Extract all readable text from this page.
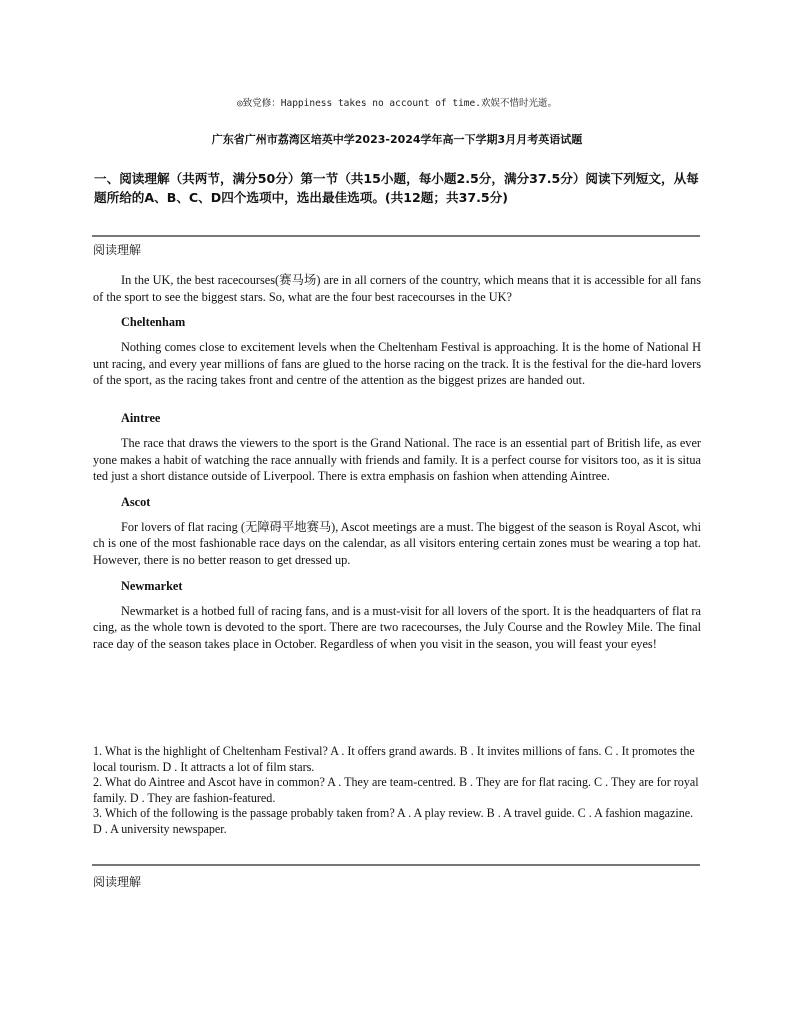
◎致党修：Happiness takes no account of time.欢娱不惜时光逝。
广东省广州市荔湾区培英中学2023-2024学年高一下学期3月月考英语试题
一、阅读理解（共两节，满分50分）第一节（共15小题，每小题2.5分，满分37.5分）阅读下列短文，从每题所给的A、B、C、D四个选项中，选出最佳选项。(共12题；共37.5分)
阅读理解

In the UK, the best racecourses(赛马场) are in all corners of the country, which means that it is accessible for all fans of the sport to see the biggest stars. So, what are the four best racecourses in the UK?

Cheltenham

Nothing comes close to excitement levels when the Cheltenham Festival is approaching. It is the home of National Hunt racing, and every year millions of fans are glued to the horse racing on the track. It is the festival for the die-hard lovers of the sport, as the racing takes front and centre of the attention as the biggest prizes are handed out.

Aintree

The race that draws the viewers to the sport is the Grand National. The race is an essential part of British life, as everyone makes a habit of watching the race annually with friends and family. It is a perfect course for visitors too, as it is situated just a short distance outside of Liverpool. There is extra emphasis on fashion when attending Aintree.

Ascot

For lovers of flat racing (无障碍平地赛马), Ascot meetings are a must. The biggest of the season is Royal Ascot, which is one of the most fashionable race days on the calendar, as all visitors entering certain zones must be wearing a top hat. However, there is no better reason to get dressed up.

Newmarket

Newmarket is a hotbed full of racing fans, and is a must-visit for all lovers of the sport. It is the headquarters of flat racing, as the whole town is devoted to the sport. There are two racecourses, the July Course and the Rowley Mile. The final race day of the season takes place in October. Regardless of when you visit in the season, you will feast your eyes!

1. What is the highlight of Cheltenham Festival? A . It offers grand awards. B . It invites millions of fans. C . It promotes the local tourism. D . It attracts a lot of film stars.

2. What do Aintree and Ascot have in common? A . They are team-centred. B . They are for flat racing. C . They are for royal family. D . They are fashion-featured.

3. Which of the following is the passage probably taken from? A . A play review. B . A travel guide. C . A fashion magazine. D . A university newspaper.

阅读理解
